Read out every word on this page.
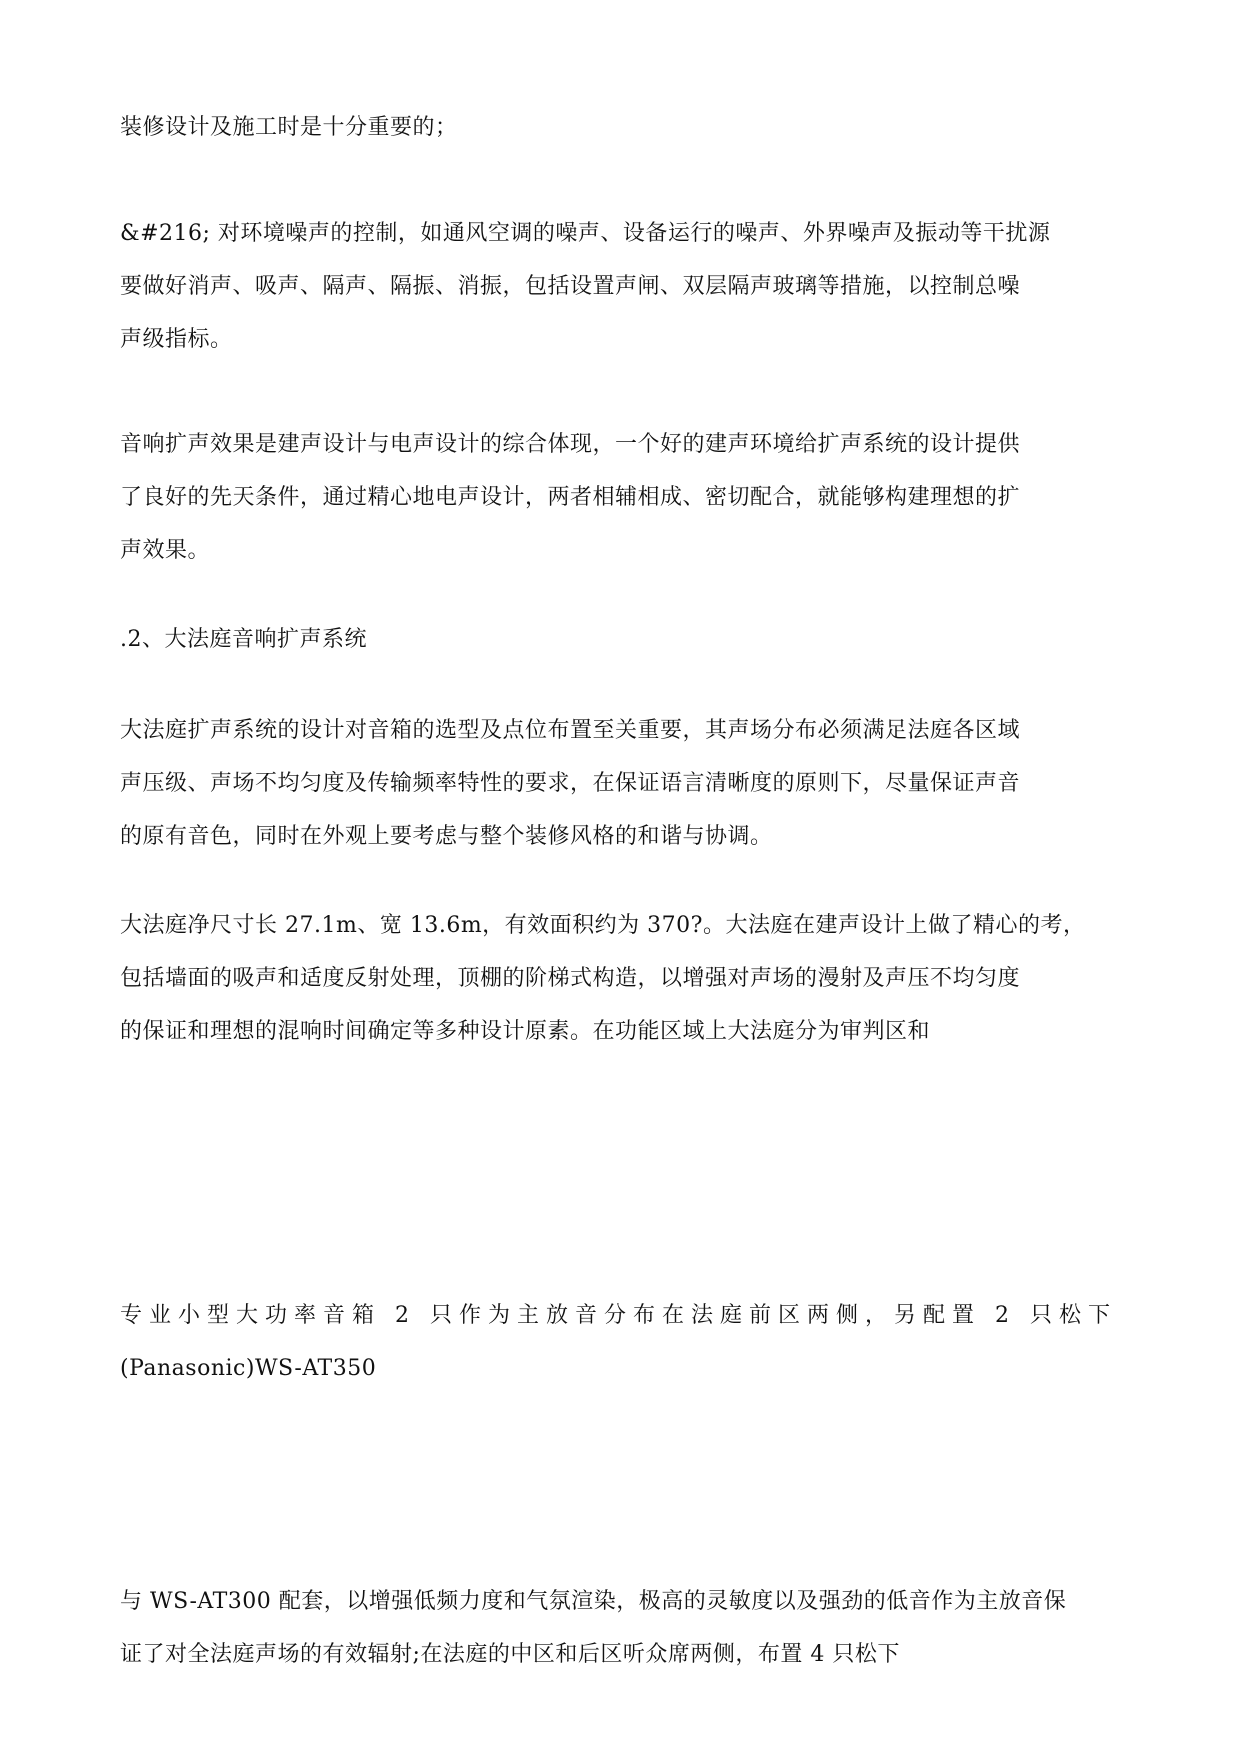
装修设计及施工时是十分重要的；

&#216; 对环境噪声的控制，如通风空调的噪声、设备运行的噪声、外界噪声及振动等干扰源
要做好消声、吸声、隔声、隔振、消振，包括设置声闸、双层隔声玻璃等措施，以控制总噪
声级指标。

音响扩声效果是建声设计与电声设计的综合体现，一个好的建声环境给扩声系统的设计提供
了良好的先天条件，通过精心地电声设计，两者相辅相成、密切配合，就能够构建理想的扩
声效果。

.2、大法庭音响扩声系统

大法庭扩声系统的设计对音箱的选型及点位布置至关重要，其声场分布必须满足法庭各区域
声压级、声场不均匀度及传输频率特性的要求，在保证语言清晰度的原则下，尽量保证声音
的原有音色，同时在外观上要考虑与整个装修风格的和谐与协调。

大法庭净尺寸长 27.1m、宽 13.6m，有效面积约为 370?。大法庭在建声设计上做了精心的考，
包括墙面的吸声和适度反射处理，顶棚的阶梯式构造，以增强对声场的漫射及声压不均匀度
的保证和理想的混响时间确定等多种设计原素。在功能区域上大法庭分为审判区和

专业小型大功率音箱 2 只作为主放音分布在法庭前区两侧，另配置 2 只松下
(Panasonic)WS-AT350

与 WS-AT300 配套，以增强低频力度和气氛渲染，极高的灵敏度以及强劲的低音作为主放音保
证了对全法庭声场的有效辐射;在法庭的中区和后区听众席两侧，布置 4 只松下
